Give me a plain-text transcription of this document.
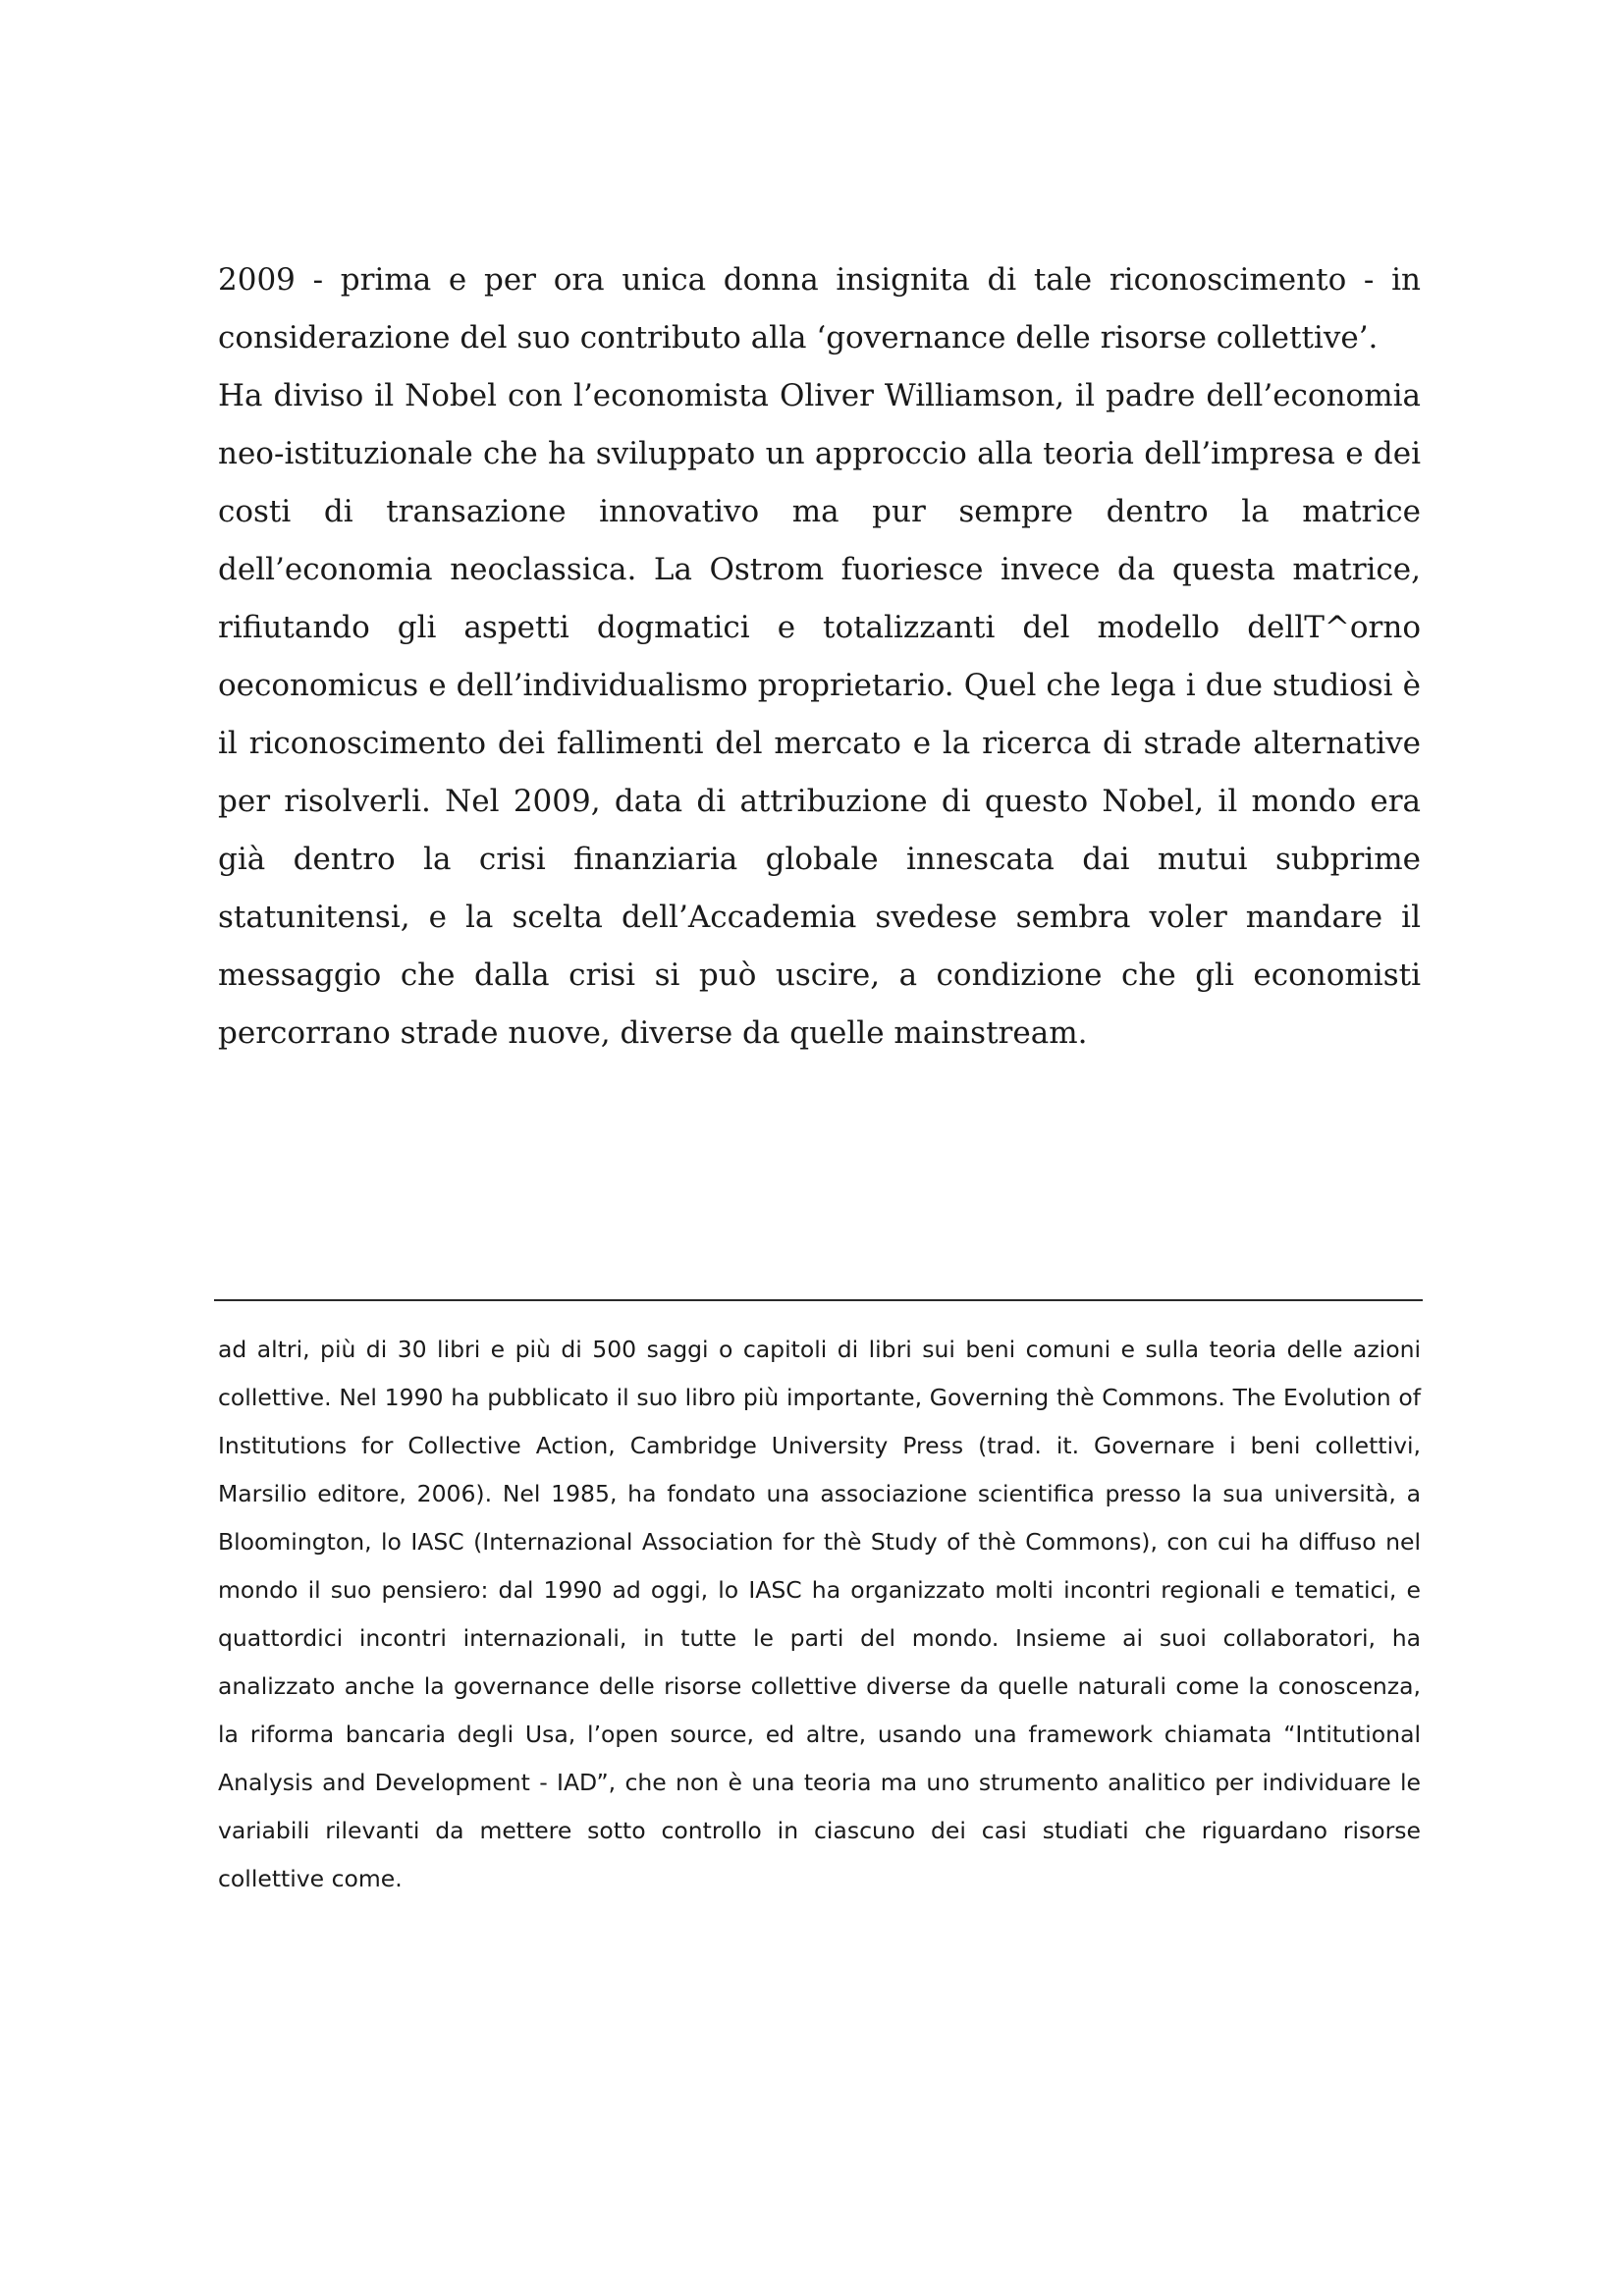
2009 - prima e per ora unica donna insignita di tale riconoscimento - in considerazione del suo contributo alla ‘governance delle risorse collettive’.

Ha diviso il Nobel con l’economista Oliver Williamson, il padre dell’economia neo-istituzionale che ha sviluppato un approccio alla teoria dell’impresa e dei costi di transazione innovativo ma pur sempre dentro la matrice dell’economia neoclassica. La Ostrom fuoriesce invece da questa matrice, rifiutando gli aspetti dogmatici e totalizzanti del modello dellT^orno oeconomicus e dell’individualismo proprietario. Quel che lega i due studiosi è il riconoscimento dei fallimenti del mercato e la ricerca di strade alternative per risolverli. Nel 2009, data di attribuzione di questo Nobel, il mondo era già dentro la crisi finanziaria globale innescata dai mutui subprime statunitensi, e la scelta dell’Accademia svedese sembra voler mandare il messaggio che dalla crisi si può uscire, a condizione che gli economisti percorrano strade nuove, diverse da quelle mainstream.

ad altri, più di 30 libri e più di 500 saggi o capitoli di libri sui beni comuni e sulla teoria delle azioni collettive. Nel 1990 ha pubblicato il suo libro più importante, Governing thè Commons. The Evolution of Institutions for Collective Action, Cambridge University Press (trad. it. Governare i beni collettivi, Marsilio editore, 2006). Nel 1985, ha fondato una associazione scientifica presso la sua università, a Bloomington, lo IASC (Internazional Association for thè Study of thè Commons), con cui ha diffuso nel mondo il suo pensiero: dal 1990 ad oggi, lo IASC ha organizzato molti incontri regionali e tematici, e quattordici incontri internazionali, in tutte le parti del mondo. Insieme ai suoi collaboratori, ha analizzato anche la governance delle risorse collettive diverse da quelle naturali come la conoscenza, la riforma bancaria degli Usa, l’open source, ed altre, usando una framework chiamata “Intitutional Analysis and Development - IAD”, che non è una teoria ma uno strumento analitico per individuare le variabili rilevanti da mettere sotto controllo in ciascuno dei casi studiati che riguardano risorse collettive come.
